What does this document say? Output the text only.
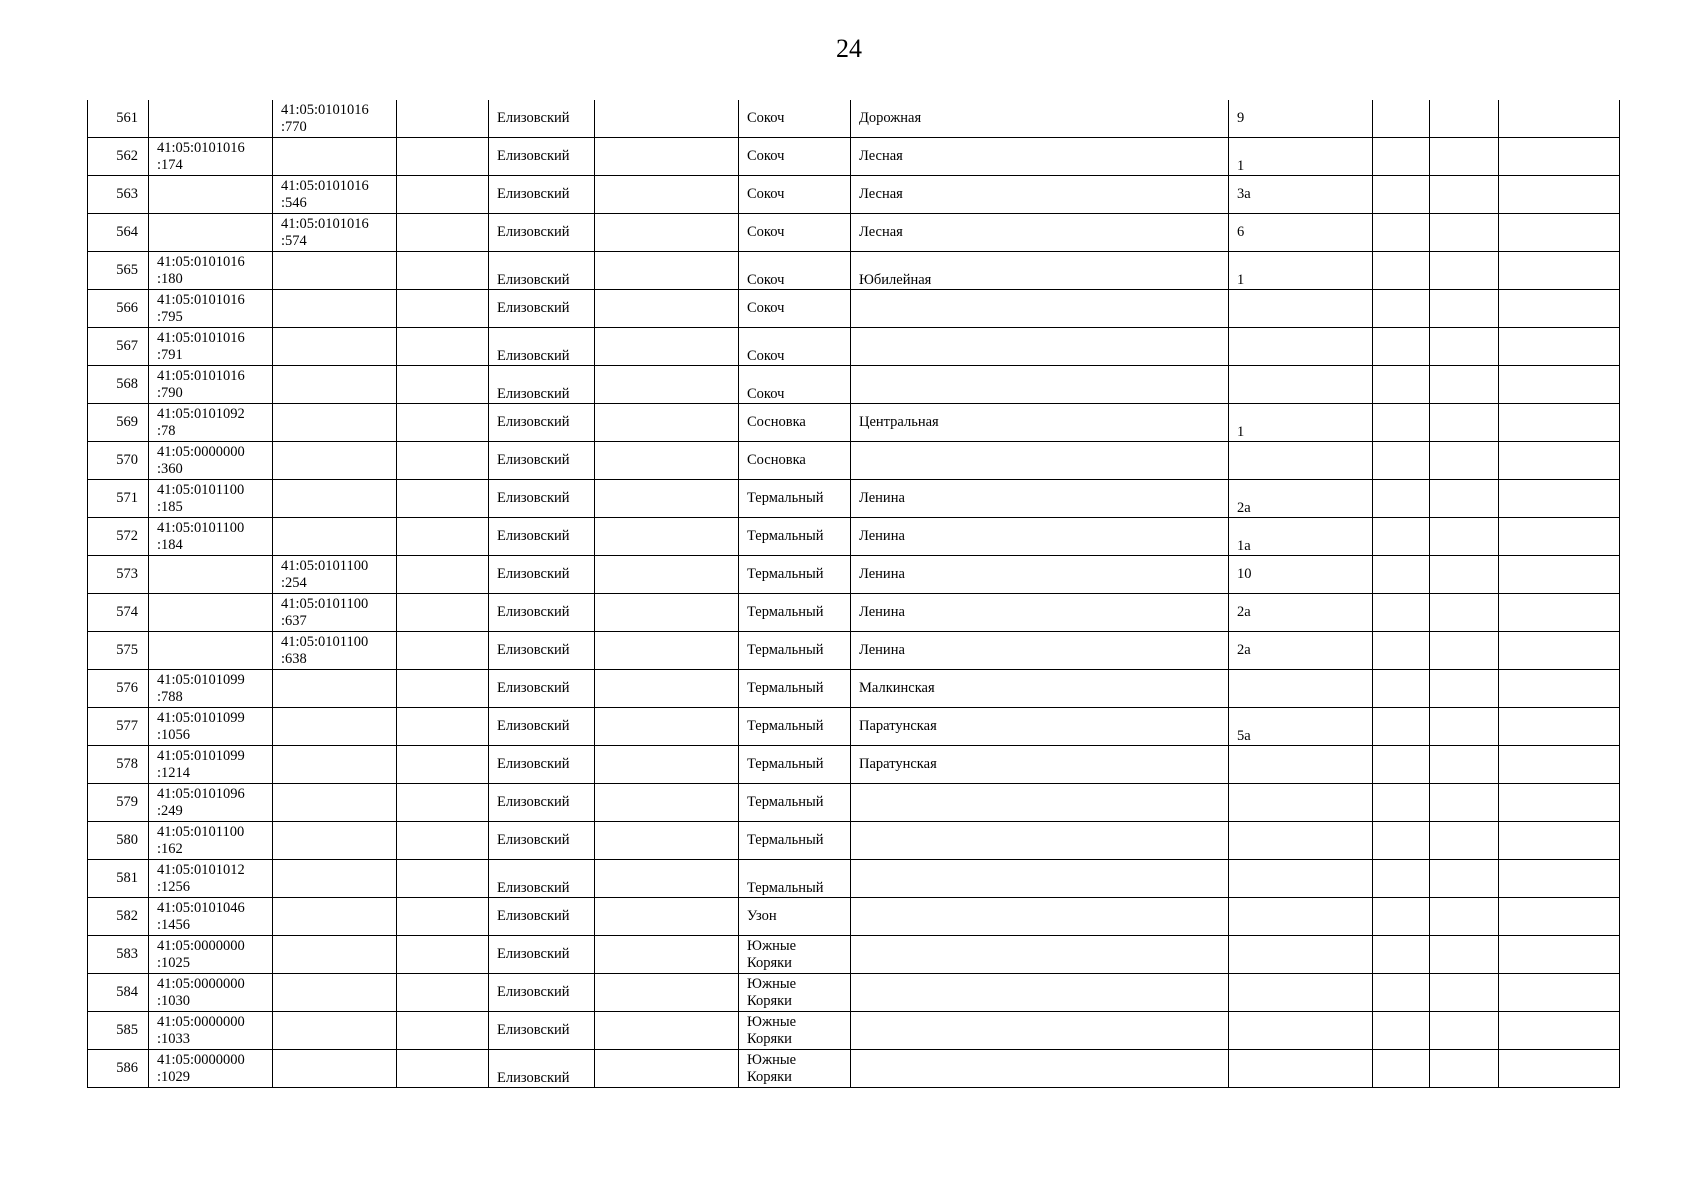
24
561		41:05:0101016
:770		Елизовский		Сокоч	Дорожная	9			
562	41:05:0101016
:174			Елизовский		Сокоч	Лесная	1			
563		41:05:0101016
:546		Елизовский		Сокоч	Лесная	3а			
564		41:05:0101016
:574		Елизовский		Сокоч	Лесная	6			
565	41:05:0101016
:180			Елизовский		Сокоч	Юбилейная	1			
566	41:05:0101016
:795			Елизовский		Сокоч					
567	41:05:0101016
:791			Елизовский		Сокоч					
568	41:05:0101016
:790			Елизовский		Сокоч					
569	41:05:0101092
:78			Елизовский		Сосновка	Центральная	1			
570	41:05:0000000
:360			Елизовский		Сосновка					
571	41:05:0101100
:185			Елизовский		Термальный	Ленина	2а			
572	41:05:0101100
:184			Елизовский		Термальный	Ленина	1а			
573		41:05:0101100
:254		Елизовский		Термальный	Ленина	10			
574		41:05:0101100
:637		Елизовский		Термальный	Ленина	2а			
575		41:05:0101100
:638		Елизовский		Термальный	Ленина	2а			
576	41:05:0101099
:788			Елизовский		Термальный	Малкинская				
577	41:05:0101099
:1056			Елизовский		Термальный	Паратунская	5а			
578	41:05:0101099
:1214			Елизовский		Термальный	Паратунская				
579	41:05:0101096
:249			Елизовский		Термальный					
580	41:05:0101100
:162			Елизовский		Термальный					
581	41:05:0101012
:1256			Елизовский		Термальный					
582	41:05:0101046
:1456			Елизовский		Узон					
583	41:05:0000000
:1025			Елизовский		Южные
Коряки					
584	41:05:0000000
:1030			Елизовский		Южные
Коряки					
585	41:05:0000000
:1033			Елизовский		Южные
Коряки					
586	41:05:0000000
:1029			Елизовский		Южные
Коряки					
